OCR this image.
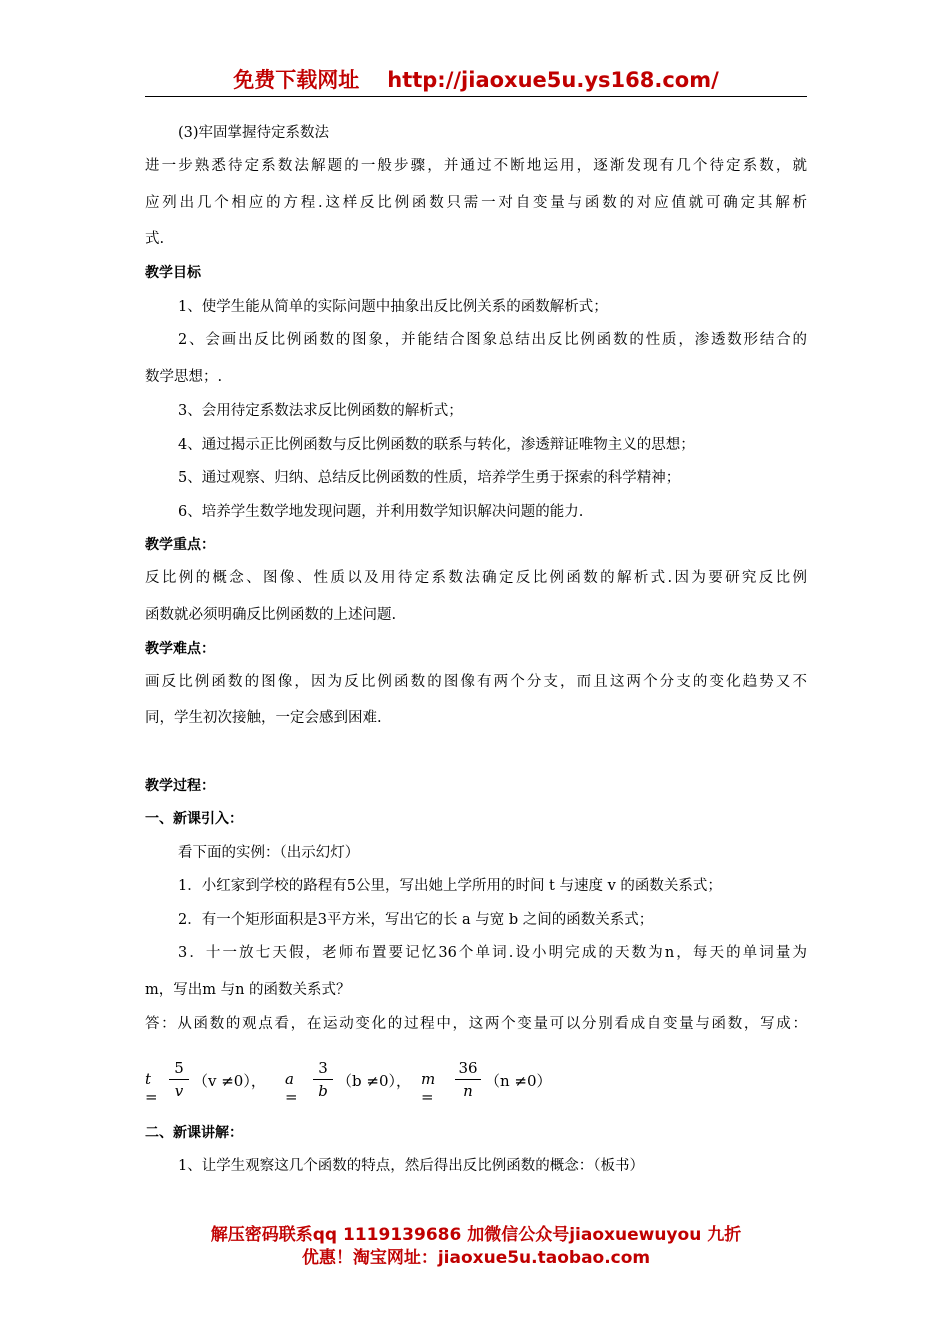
免费下载网址 http://jiaoxue5u.ys168.com/
(3)牢固掌握待定系数法
进一步熟悉待定系数法解题的一般步骤，并通过不断地运用，逐渐发现有几个待定系数，就
应列出几个相应的方程.这样反比例函数只需一对自变量与函数的对应值就可确定其解析
式.
教学目标
1、使学生能从简单的实际问题中抽象出反比例关系的函数解析式；
2、会画出反比例函数的图象，并能结合图象总结出反比例函数的性质，渗透数形结合的
数学思想；.
3、会用待定系数法求反比例函数的解析式；
4、通过揭示正比例函数与反比例函数的联系与转化，渗透辩证唯物主义的思想；
5、通过观察、归纳、总结反比例函数的性质，培养学生勇于探索的科学精神；
6、培养学生数学地发现问题，并利用数学知识解决问题的能力.
教学重点：
反比例的概念、图像、性质以及用待定系数法确定反比例函数的解析式.因为要研究反比例
函数就必须明确反比例函数的上述问题.
教学难点：
画反比例函数的图像，因为反比例函数的图像有两个分支，而且这两个分支的变化趋势又不
同，学生初次接触，一定会感到困难.
教学过程：
一、新课引入：
看下面的实例：（出示幻灯）
1．小红家到学校的路程有5公里，写出她上学所用的时间 t 与速度 v 的函数关系式；
2．有一个矩形面积是3平方米，写出它的长 a 与宽 b 之间的函数关系式；
3．十一放七天假，老师布置要记忆36个单词.设小明完成的天数为n，每天的单词量为
m，写出m 与n 的函数关系式？
答：从函数的观点看，在运动变化的过程中，这两个变量可以分别看成自变量与函数，写成：
t =
5
v
（v ≠0）， a =
3
b
（b ≠0）， m =
36
n
（n ≠0）
二、新课讲解：
1、让学生观察这几个函数的特点，然后得出反比例函数的概念：（板书）
解压密码联系qq 1119139686 加微信公众号jiaoxuewuyou 九折
优惠！淘宝网址：jiaoxue5u.taobao.com
